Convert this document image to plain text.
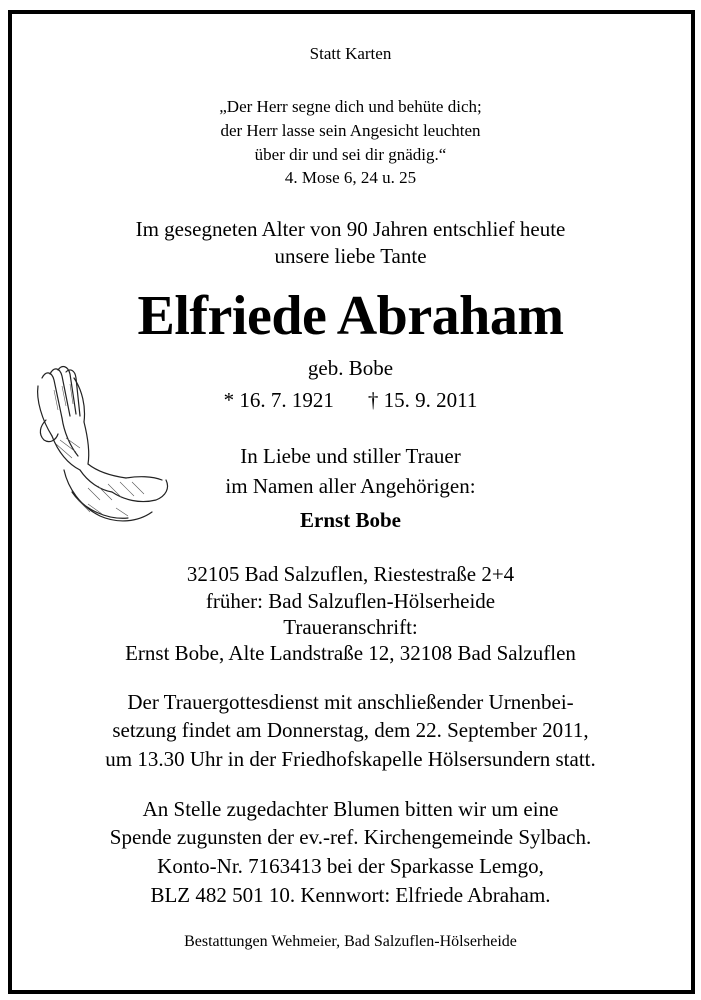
Statt Karten
„Der Herr segne dich und behüte dich;
der Herr lasse sein Angesicht leuchten
über dir und sei dir gnädig.“
4. Mose 6, 24 u. 25
Im gesegneten Alter von 90 Jahren entschlief heute
unsere liebe Tante
Elfriede Abraham
geb. Bobe
* 16. 7. 1921 † 15. 9. 2011
In Liebe und stiller Trauer
im Namen aller Angehörigen:
Ernst Bobe
32105 Bad Salzuflen, Riestestraße 2+4
früher: Bad Salzuflen-Hölserheide
Traueranschrift:
Ernst Bobe, Alte Landstraße 12, 32108 Bad Salzuflen
Der Trauergottesdienst mit anschließender Urnenbei-
setzung findet am Donnerstag, dem 22. September 2011,
um 13.30 Uhr in der Friedhofskapelle Hölsersundern statt.
An Stelle zugedachter Blumen bitten wir um eine
Spende zugunsten der ev.-ref. Kirchengemeinde Sylbach.
Konto-Nr. 7163413 bei der Sparkasse Lemgo,
BLZ 482 501 10. Kennwort: Elfriede Abraham.
Bestattungen Wehmeier, Bad Salzuflen-Hölserheide
